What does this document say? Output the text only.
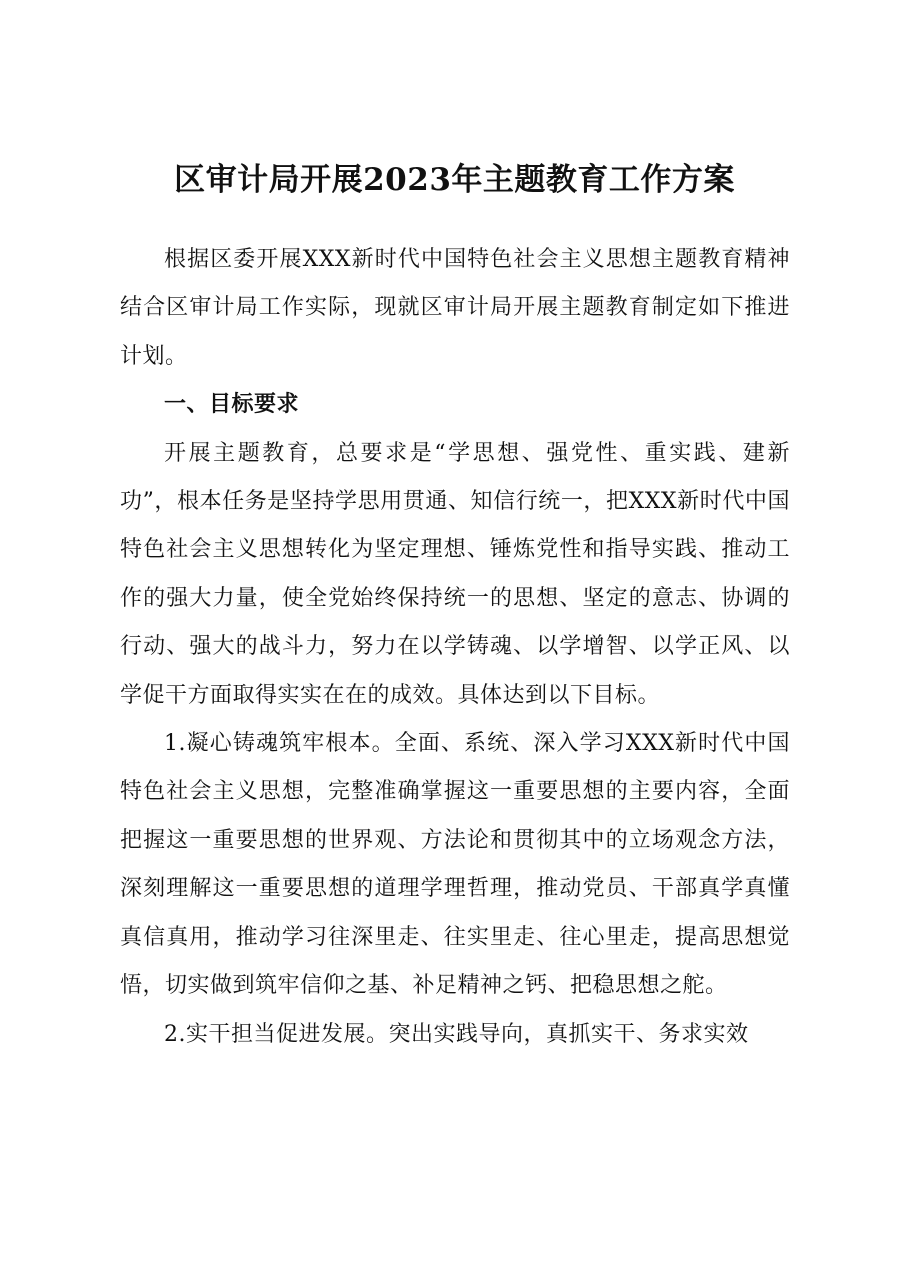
区审计局开展2023年主题教育工作方案

根据区委开展XXX新时代中国特色社会主义思想主题教育精神结合区审计局工作实际，现就区审计局开展主题教育制定如下推进计划。

一、目标要求

开展主题教育，总要求是“学思想、强党性、重实践、建新功”，根本任务是坚持学思用贯通、知信行统一，把XXX新时代中国特色社会主义思想转化为坚定理想、锤炼党性和指导实践、推动工作的强大力量，使全党始终保持统一的思想、坚定的意志、协调的行动、强大的战斗力，努力在以学铸魂、以学增智、以学正风、以学促干方面取得实实在在的成效。具体达到以下目标。

1.凝心铸魂筑牢根本。全面、系统、深入学习XXX新时代中国特色社会主义思想，完整准确掌握这一重要思想的主要内容，全面把握这一重要思想的世界观、方法论和贯彻其中的立场观念方法，深刻理解这一重要思想的道理学理哲理，推动党员、干部真学真懂真信真用，推动学习往深里走、往实里走、往心里走，提高思想觉悟，切实做到筑牢信仰之基、补足精神之钙、把稳思想之舵。

2.实干担当促进发展。突出实践导向，真抓实干、务求实效
